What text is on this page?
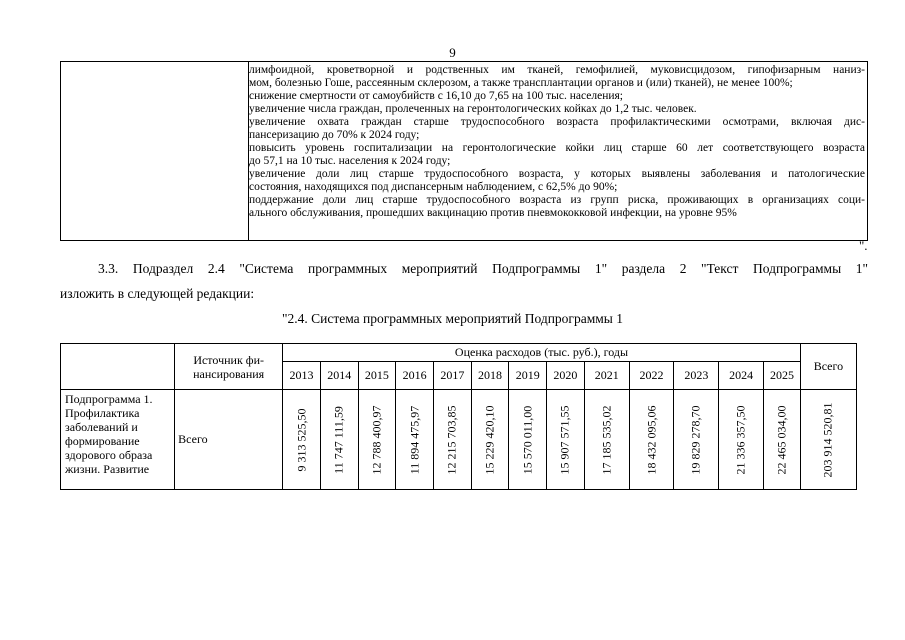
9
лимфоидной, кроветворной и родственных им тканей, гемофилией, муковисцидозом, гипофизарным наниз-
мом, болезнью Гоше, рассеянным склерозом, а также трансплантации органов и (или) тканей), не менее 100%;
снижение смертности от самоубийств с 16,10 до 7,65 на 100 тыс. населения;
увеличение числа граждан, пролеченных на геронтологических койках до 1,2 тыс. человек.
увеличение охвата граждан старше трудоспособного возраста профилактическими осмотрами, включая дис-
пансеризацию до 70% к 2024 году;
повысить уровень госпитализации на геронтологические койки лиц старше 60 лет соответствующего возраста
до 57,1 на 10 тыс. населения к 2024 году;
увеличение доли лиц старше трудоспособного возраста, у которых выявлены заболевания и патологические
состояния, находящихся под диспансерным наблюдением, с 62,5% до 90%;
поддержание доли лиц старше трудоспособного возраста из групп риска, проживающих в организациях соци-
ального обслуживания, прошедших вакцинацию против пневмококковой инфекции, на уровне 95%
".
3.3. Подраздел 2.4 "Система программных мероприятий Подпрограммы 1" раздела 2 "Текст Подпрограммы 1"
изложить в следующей редакции:
"2.4. Система программных мероприятий Подпрограммы 1
	Источник фи-
нансирования	Оценка расходов (тыс. руб.), годы													Всего
		2013	2014	2015	2016	2017	2018	2019	2020	2021	2022	2023	2024	2025	
Подпрограмма 1. Профилактика заболеваний и формирование здорового образа жизни. Развитие	Всего	9 313 525,50	11 747 111,59	12 788 400,97	11 894 475,97	12 215 703,85	15 229 420,10	15 570 011,00	15 907 571,55	17 185 535,02	18 432 095,06	19 829 278,70	21 336 357,50	22 465 034,00	203 914 520,81
